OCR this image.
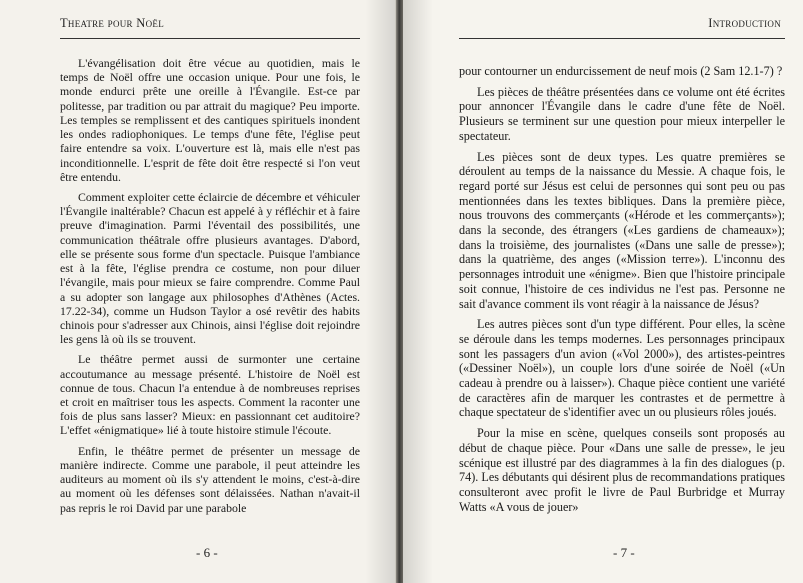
Theatre pour Noël

L'évangélisation doit être vécue au quotidien, mais le temps de Noël offre une occasion unique. Pour une fois, le monde endurci prête une oreille à l'Évangile. Est-ce par politesse, par tradition ou par attrait du magique? Peu importe. Les temples se remplissent et des cantiques spirituels inondent les ondes radiophoniques. Le temps d'une fête, l'église peut faire entendre sa voix. L'ouverture est là, mais elle n'est pas inconditionnelle. L'esprit de fête doit être respecté si l'on veut être entendu.

Comment exploiter cette éclaircie de décembre et véhiculer l'Évangile inaltérable? Chacun est appelé à y réfléchir et à faire preuve d'imagination. Parmi l'éventail des possibilités, une communication théâtrale offre plusieurs avantages. D'abord, elle se présente sous forme d'un spectacle. Puisque l'ambiance est à la fête, l'église prendra ce costume, non pour diluer l'évangile, mais pour mieux se faire comprendre. Comme Paul a su adopter son langage aux philosophes d'Athènes (Actes. 17.22-34), comme un Hudson Taylor a osé revêtir des habits chinois pour s'adresser aux Chinois, ainsi l'église doit rejoindre les gens là où ils se trouvent.

Le théâtre permet aussi de surmonter une certaine accoutumance au message présenté. L'histoire de Noël est connue de tous. Chacun l'a entendue à de nombreuses reprises et croit en maîtriser tous les aspects. Comment la raconter une fois de plus sans lasser? Mieux: en passionnant cet auditoire? L'effet «énigmatique» lié à toute histoire stimule l'écoute.

Enfin, le théâtre permet de présenter un message de manière indirecte. Comme une parabole, il peut atteindre les auditeurs au moment où ils s'y attendent le moins, c'est-à-dire au moment où les défenses sont délaissées. Nathan n'avait-il pas repris le roi David par une parabole

- 6 -
Introduction

pour contourner un endurcissement de neuf mois (2 Sam 12.1-7) ?

Les pièces de théâtre présentées dans ce volume ont été écrites pour annoncer l'Évangile dans le cadre d'une fête de Noël. Plusieurs se terminent sur une question pour mieux interpeller le spectateur.

Les pièces sont de deux types. Les quatre premières se déroulent au temps de la naissance du Messie. A chaque fois, le regard porté sur Jésus est celui de personnes qui sont peu ou pas mentionnées dans les textes bibliques. Dans la première pièce, nous trouvons des commerçants («Hérode et les commerçants»); dans la seconde, des étrangers («Les gardiens de chameaux»); dans la troisième, des journalistes («Dans une salle de presse»); dans la quatrième, des anges («Mission terre»). L'inconnu des personnages introduit une «énigme». Bien que l'histoire principale soit connue, l'histoire de ces individus ne l'est pas. Personne ne sait d'avance comment ils vont réagir à la naissance de Jésus?

Les autres pièces sont d'un type différent. Pour elles, la scène se déroule dans les temps modernes. Les personnages principaux sont les passagers d'un avion («Vol 2000»), des artistes-peintres («Dessiner Noël»), un couple lors d'une soirée de Noël («Un cadeau à prendre ou à laisser»). Chaque pièce contient une variété de caractères afin de marquer les contrastes et de permettre à chaque spectateur de s'identifier avec un ou plusieurs rôles joués.

Pour la mise en scène, quelques conseils sont proposés au début de chaque pièce. Pour «Dans une salle de presse», le jeu scénique est illustré par des diagrammes à la fin des dialogues (p. 74). Les débutants qui désirent plus de recommandations pratiques consulteront avec profit le livre de Paul Burbridge et Murray Watts «A vous de jouer»

- 7 -
